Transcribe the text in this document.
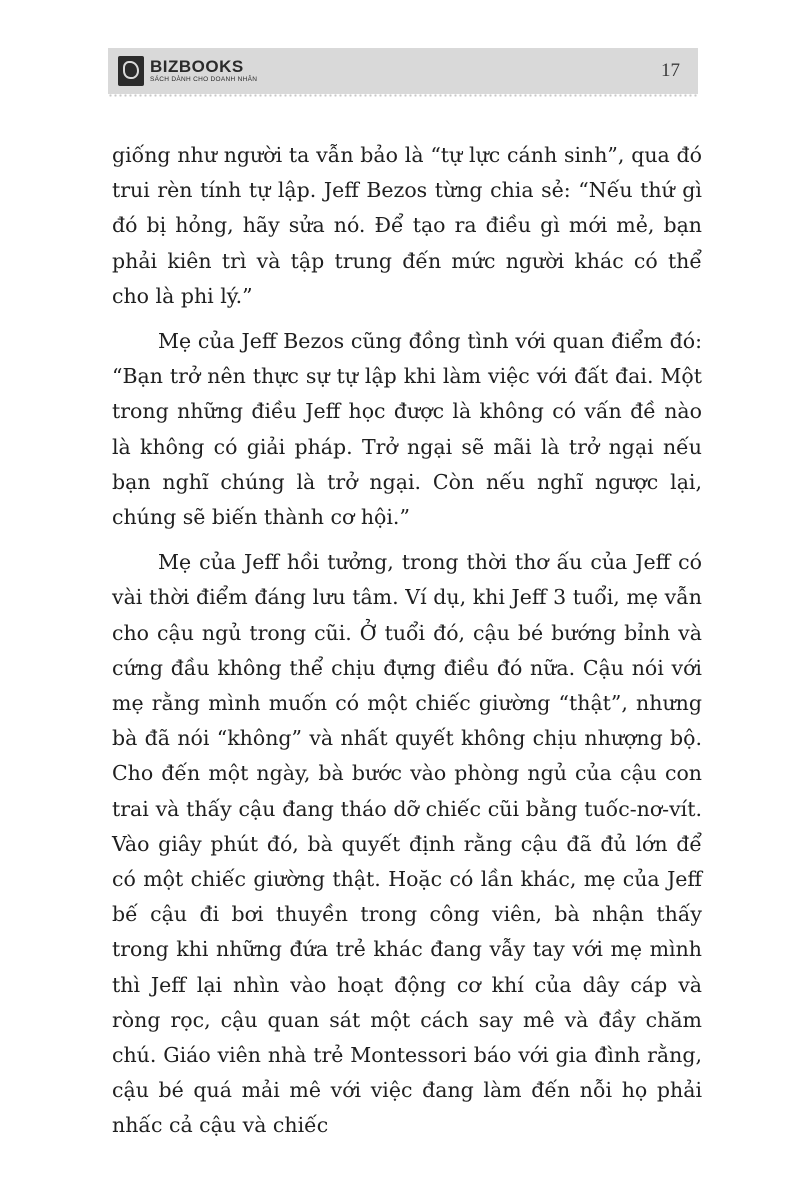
BIZBOOKS
SÁCH DÀNH CHO DOANH NHÂN	17

giống như người ta vẫn bảo là “tự lực cánh sinh”, qua đó trui rèn tính tự lập. Jeff Bezos từng chia sẻ: “Nếu thứ gì đó bị hỏng, hãy sửa nó. Để tạo ra điều gì mới mẻ, bạn phải kiên trì và tập trung đến mức người khác có thể cho là phi lý.”

Mẹ của Jeff Bezos cũng đồng tình với quan điểm đó: “Bạn trở nên thực sự tự lập khi làm việc với đất đai. Một trong những điều Jeff học được là không có vấn đề nào là không có giải pháp. Trở ngại sẽ mãi là trở ngại nếu bạn nghĩ chúng là trở ngại. Còn nếu nghĩ ngược lại, chúng sẽ biến thành cơ hội.”

Mẹ của Jeff hồi tưởng, trong thời thơ ấu của Jeff có vài thời điểm đáng lưu tâm. Ví dụ, khi Jeff 3 tuổi, mẹ vẫn cho cậu ngủ trong cũi. Ở tuổi đó, cậu bé bướng bỉnh và cứng đầu không thể chịu đựng điều đó nữa. Cậu nói với mẹ rằng mình muốn có một chiếc giường “thật”, nhưng bà đã nói “không” và nhất quyết không chịu nhượng bộ. Cho đến một ngày, bà bước vào phòng ngủ của cậu con trai và thấy cậu đang tháo dỡ chiếc cũi bằng tuốc-nơ-vít. Vào giây phút đó, bà quyết định rằng cậu đã đủ lớn để có một chiếc giường thật. Hoặc có lần khác, mẹ của Jeff bế cậu đi bơi thuyền trong công viên, bà nhận thấy trong khi những đứa trẻ khác đang vẫy tay với mẹ mình thì Jeff lại nhìn vào hoạt động cơ khí của dây cáp và ròng rọc, cậu quan sát một cách say mê và đầy chăm chú. Giáo viên nhà trẻ Montessori báo với gia đình rằng, cậu bé quá mải mê với việc đang làm đến nỗi họ phải nhấc cả cậu và chiếc
